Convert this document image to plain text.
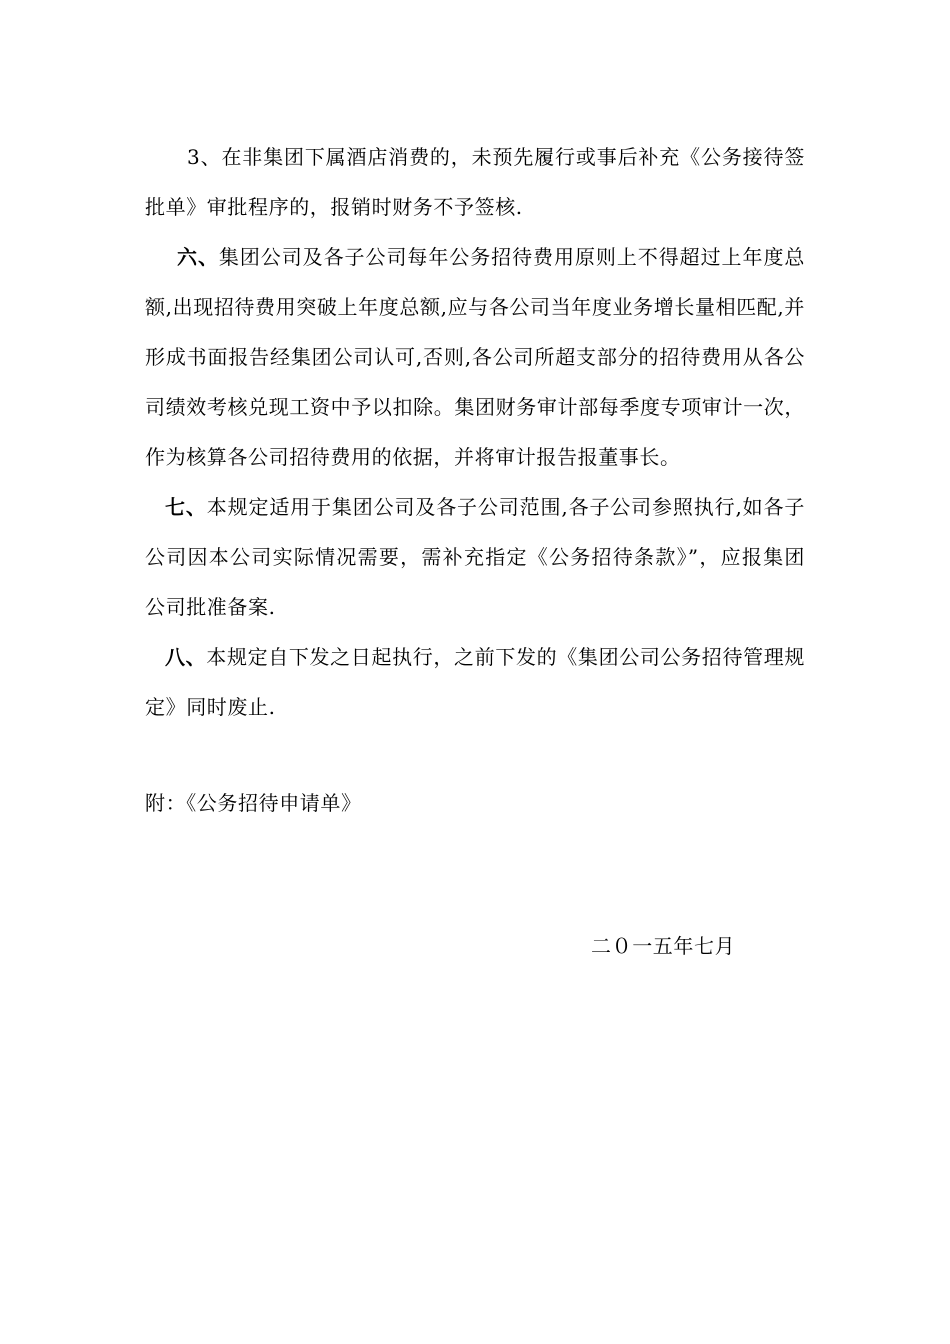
3、在非集团下属酒店消费的，未预先履行或事后补充《公务接待签批单》审批程序的，报销时财务不予签核.

六、集团公司及各子公司每年公务招待费用原则上不得超过上年度总额,出现招待费用突破上年度总额,应与各公司当年度业务增长量相匹配,并形成书面报告经集团公司认可,否则,各公司所超支部分的招待费用从各公司绩效考核兑现工资中予以扣除。集团财务审计部每季度专项审计一次，作为核算各公司招待费用的依据，并将审计报告报董事长。

七、本规定适用于集团公司及各子公司范围,各子公司参照执行,如各子公司因本公司实际情况需要，需补充指定《公务招待条款》”，应报集团公司批准备案.

八、本规定自下发之日起执行，之前下发的《集团公司公务招待管理规定》同时废止.

附：《公务招待申请单》

二０一五年七月
